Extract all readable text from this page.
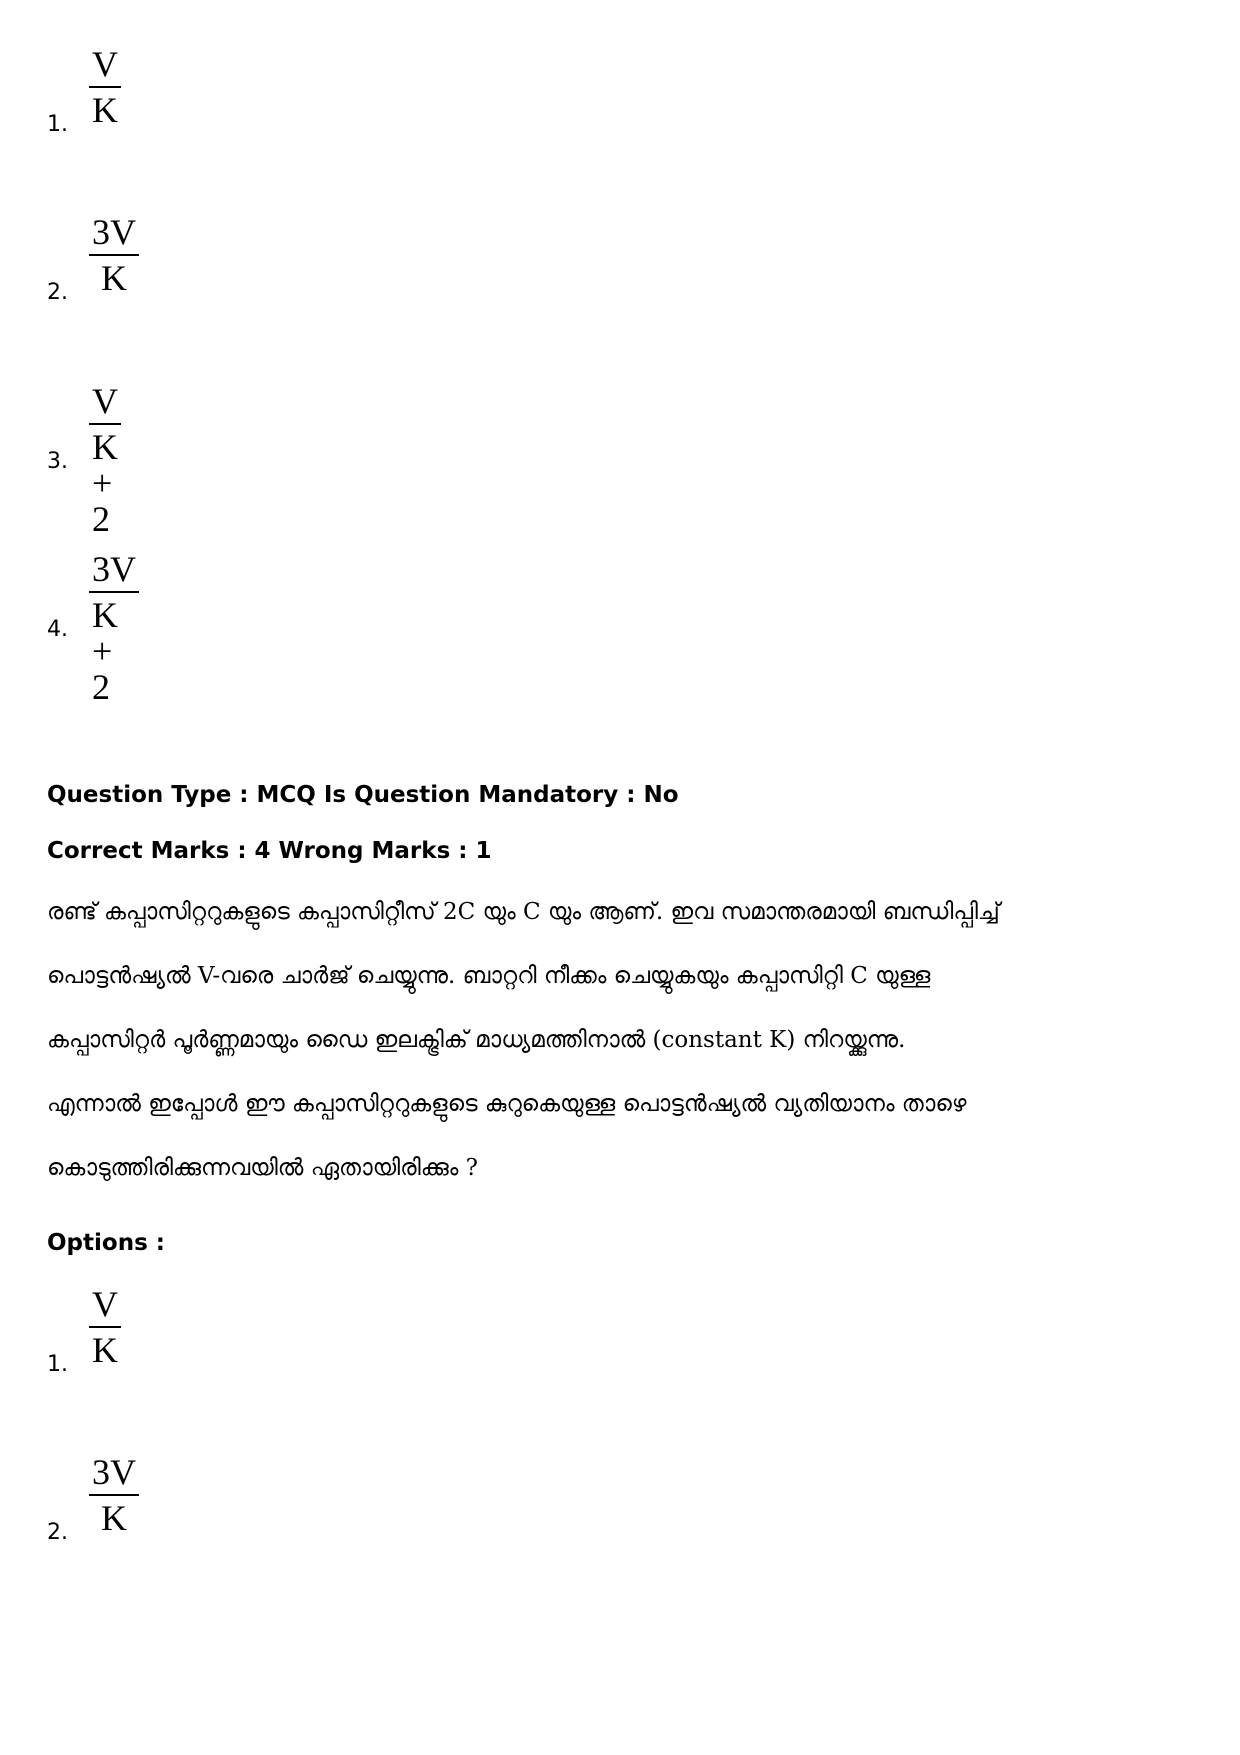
1.
V
K
2.
3V
K
3.
V
K + 2
4.
3V
K + 2
Question Type : MCQ Is Question Mandatory : No
Correct Marks : 4 Wrong Marks : 1
രണ്ട് കപ്പാസിറ്ററുകളുടെ കപ്പാസിറ്റീസ് 2C യും C യും ആണ്. ഇവ സമാന്തരമായി ബന്ധിപ്പിച്ച്
പൊട്ടൻഷ്യൽ V-വരെ ചാർജ് ചെയ്യുന്നു. ബാറ്ററി നീക്കം ചെയ്യുകയും കപ്പാസിറ്റി C യുള്ള
കപ്പാസിറ്റർ പൂർണ്ണമായും ഡൈ ഇലക്ട്രിക് മാധ്യമത്തിനാൽ (constant K) നിറയ്ക്കുന്നു.
എന്നാൽ ഇപ്പോൾ ഈ കപ്പാസിറ്ററുകളുടെ കുറുകെയുള്ള പൊട്ടൻഷ്യൽ വ്യതിയാനം താഴെ
കൊടുത്തിരിക്കുന്നവയിൽ ഏതായിരിക്കും ?
Options :
1.
V
K
2.
3V
K
